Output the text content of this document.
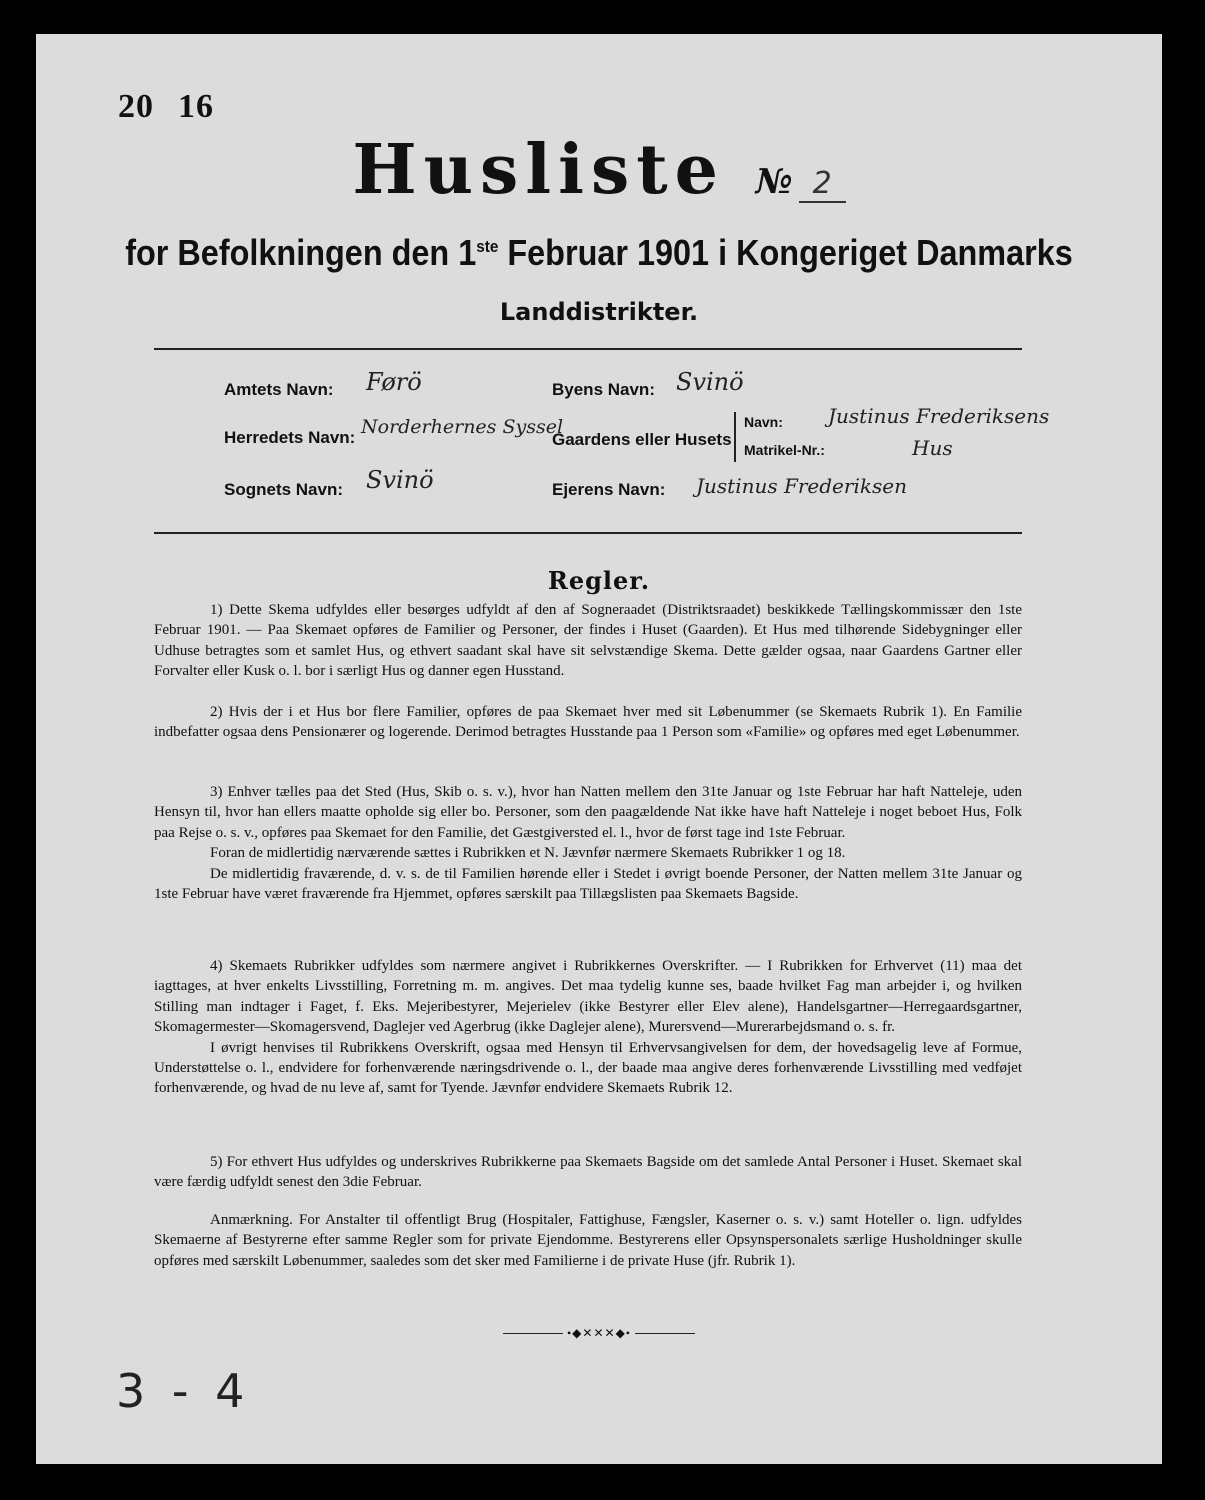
20 16
Husliste № 2
for Befolkningen den 1ste Februar 1901 i Kongeriget Danmarks
Landdistrikter.
Amtets Navn: Førö
Herredets Navn: Norderhernes Syssel
Sognets Navn: Svinö
Byens Navn: Svinö
Gaardens eller Husets
Navn: Justinus Frederiksens
Matrikel-Nr.:	Hus
Ejerens Navn: Justinus Frederiksen
Regler.

1) Dette Skema udfyldes eller besørges udfyldt af den af Sogneraadet (Distriktsraadet) beskikkede Tællingskommissær den 1ste Februar 1901. — Paa Skemaet opføres de Familier og Personer, der findes i Huset (Gaarden). Et Hus med tilhørende Sidebygninger eller Udhuse betragtes som et samlet Hus, og ethvert saadant skal have sit selvstændige Skema. Dette gælder ogsaa, naar Gaardens Gartner eller Forvalter eller Kusk o. l. bor i særligt Hus og danner egen Husstand.

2) Hvis der i et Hus bor flere Familier, opføres de paa Skemaet hver med sit Løbenummer (se Skemaets Rubrik 1). En Familie indbefatter ogsaa dens Pensionærer og logerende. Derimod betragtes Husstande paa 1 Person som «Familie» og opføres med eget Løbenummer.

3) Enhver tælles paa det Sted (Hus, Skib o. s. v.), hvor han Natten mellem den 31te Januar og 1ste Februar har haft Natteleje, uden Hensyn til, hvor han ellers maatte opholde sig eller bo. Personer, som den paagældende Nat ikke have haft Natteleje i noget beboet Hus, Folk paa Rejse o. s. v., opføres paa Skemaet for den Familie, det Gæstgiversted el. l., hvor de først tage ind 1ste Februar.

Foran de midlertidig nærværende sættes i Rubrikken et N. Jævnfør nærmere Skemaets Rubrikker 1 og 18.

De midlertidig fraværende, d. v. s. de til Familien hørende eller i Stedet i øvrigt boende Personer, der Natten mellem 31te Januar og 1ste Februar have været fraværende fra Hjemmet, opføres særskilt paa Tillægslisten paa Skemaets Bagside.

4) Skemaets Rubrikker udfyldes som nærmere angivet i Rubrikkernes Overskrifter. — I Rubrikken for Erhvervet (11) maa det iagttages, at hver enkelts Livsstilling, Forretning m. m. angives. Det maa tydelig kunne ses, baade hvilket Fag man arbejder i, og hvilken Stilling man indtager i Faget, f. Eks. Mejeribestyrer, Mejerielev (ikke Bestyrer eller Elev alene), Handelsgartner—Herregaardsgartner, Skomagermester—Skomagersvend, Daglejer ved Agerbrug (ikke Daglejer alene), Murersvend—Murerarbejdsmand o. s. fr.

I øvrigt henvises til Rubrikkens Overskrift, ogsaa med Hensyn til Erhvervsangivelsen for dem, der hovedsagelig leve af Formue, Understøttelse o. l., endvidere for forhenværende næringsdrivende o. l., der baade maa angive deres forhenværende Livsstilling med vedføjet forhenværende, og hvad de nu leve af, samt for Tyende. Jævnfør endvidere Skemaets Rubrik 12.

5) For ethvert Hus udfyldes og underskrives Rubrikkerne paa Skemaets Bagside om det samlede Antal Personer i Huset. Skemaet skal være færdig udfyldt senest den 3die Februar.

Anmærkning. For Anstalter til offentligt Brug (Hospitaler, Fattighuse, Fængsler, Kaserner o. s. v.) samt Hoteller o. lign. udfyldes Skemaerne af Bestyrerne efter samme Regler som for private Ejendomme. Bestyrerens eller Opsynspersonalets særlige Husholdninger skulle opføres med særskilt Løbenummer, saaledes som det sker med Familierne i de private Huse (jfr. Rubrik 1).

•◆✕✕✕◆•
3 - 4
